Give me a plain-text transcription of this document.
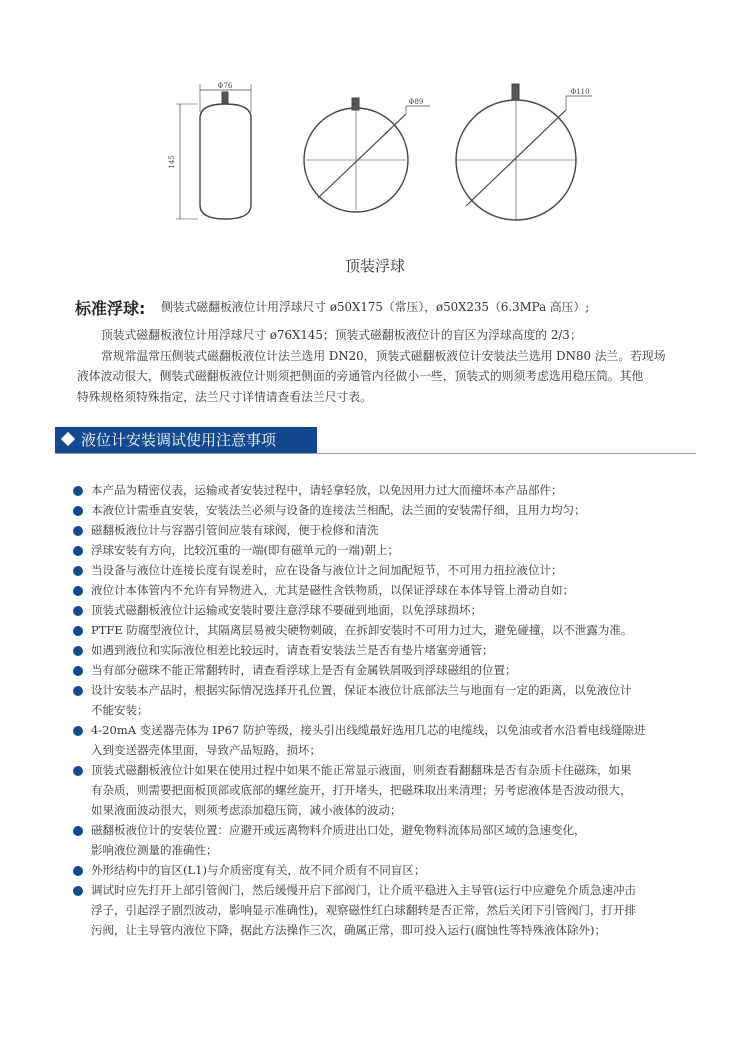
Φ76
145
Φ89
Φ110
顶装浮球
标准浮球: 侧装式磁翻板液位计用浮球尺寸 ø50X175（常压），ø50X235（6.3MPa 高压）;
顶装式磁翻板液位计用浮球尺寸 ø76X145；顶装式磁翻板液位计的盲区为浮球高度的 2/3；
常规常温常压侧装式磁翻板液位计法兰选用 DN20，顶装式磁翻板液位计安装法兰选用 DN80 法兰。若现场
液体波动很大，侧装式磁翻板液位计则须把侧面的旁通管内径做小一些，顶装式的则须考虑选用稳压筒。其他
特殊规格须特殊指定，法兰尺寸详情请查看法兰尺寸表。
液位计安装调试使用注意事项
本产品为精密仪表，运输或者安装过程中，请轻拿轻放，以免因用力过大而撞坏本产品部件；
本液位计需垂直安装，安装法兰必须与设备的连接法兰相配，法兰面的安装需仔细，且用力均匀；
磁翻板液位计与容器引管间应装有球阀，便于检修和清洗
浮球安装有方向，比较沉重的一端(即有磁单元的一端)朝上；
当设备与液位计连接长度有误差时，应在设备与液位计之间加配短节，不可用力扭拉液位计；
液位计本体管内不允许有异物进入，尤其是磁性含铁物质，以保证浮球在本体导管上滑动自如；
顶装式磁翻板液位计运输或安装时要注意浮球不要碰到地面，以免浮球损坏；
PTFE 防腐型液位计，其隔离层易被尖硬物刺破，在拆卸安装时不可用力过大，避免碰撞，以不泄露为准。
如遇到液位和实际液位相差比较远时，请查看安装法兰是否有垫片堵塞旁通管；
当有部分磁珠不能正常翻转时，请查看浮球上是否有金属铁屑吸到浮球磁组的位置；
设计安装本产品时，根据实际情况选择开孔位置，保证本液位计底部法兰与地面有一定的距离，以免液位计
不能安装；
4-20mA 变送器壳体为 IP67 防护等级，接头引出线缆最好选用几芯的电缆线，以免油或者水沿着电线缝隙进
入到变送器壳体里面，导致产品短路，损坏；
顶装式磁翻板液位计如果在使用过程中如果不能正常显示液面，则须查看翻翻珠是否有杂质卡住磁珠，如果
有杂质，则需要把面板顶部或底部的螺丝旋开，打开堵头，把磁珠取出来清理；另考虑液体是否波动很大，
如果液面波动很大，则须考虑添加稳压筒，减小液体的波动；
磁翻板液位计的安装位置：应避开或远离物料介质进出口处，避免物料流体局部区域的急速变化，
影响液位测量的准确性；
外形结构中的盲区(L1)与介质密度有关，故不同介质有不同盲区；
调试时应先打开上部引管阀门，然后缓慢开启下部阀门，让介质平稳进入主导管(运行中应避免介质急速冲击
浮子，引起浮子剧烈波动，影响显示准确性)，观察磁性红白球翻转是否正常，然后关闭下引管阀门，打开排
污阀，让主导管内液位下降，据此方法操作三次，确属正常，即可投入运行(腐蚀性等特殊液体除外)；
